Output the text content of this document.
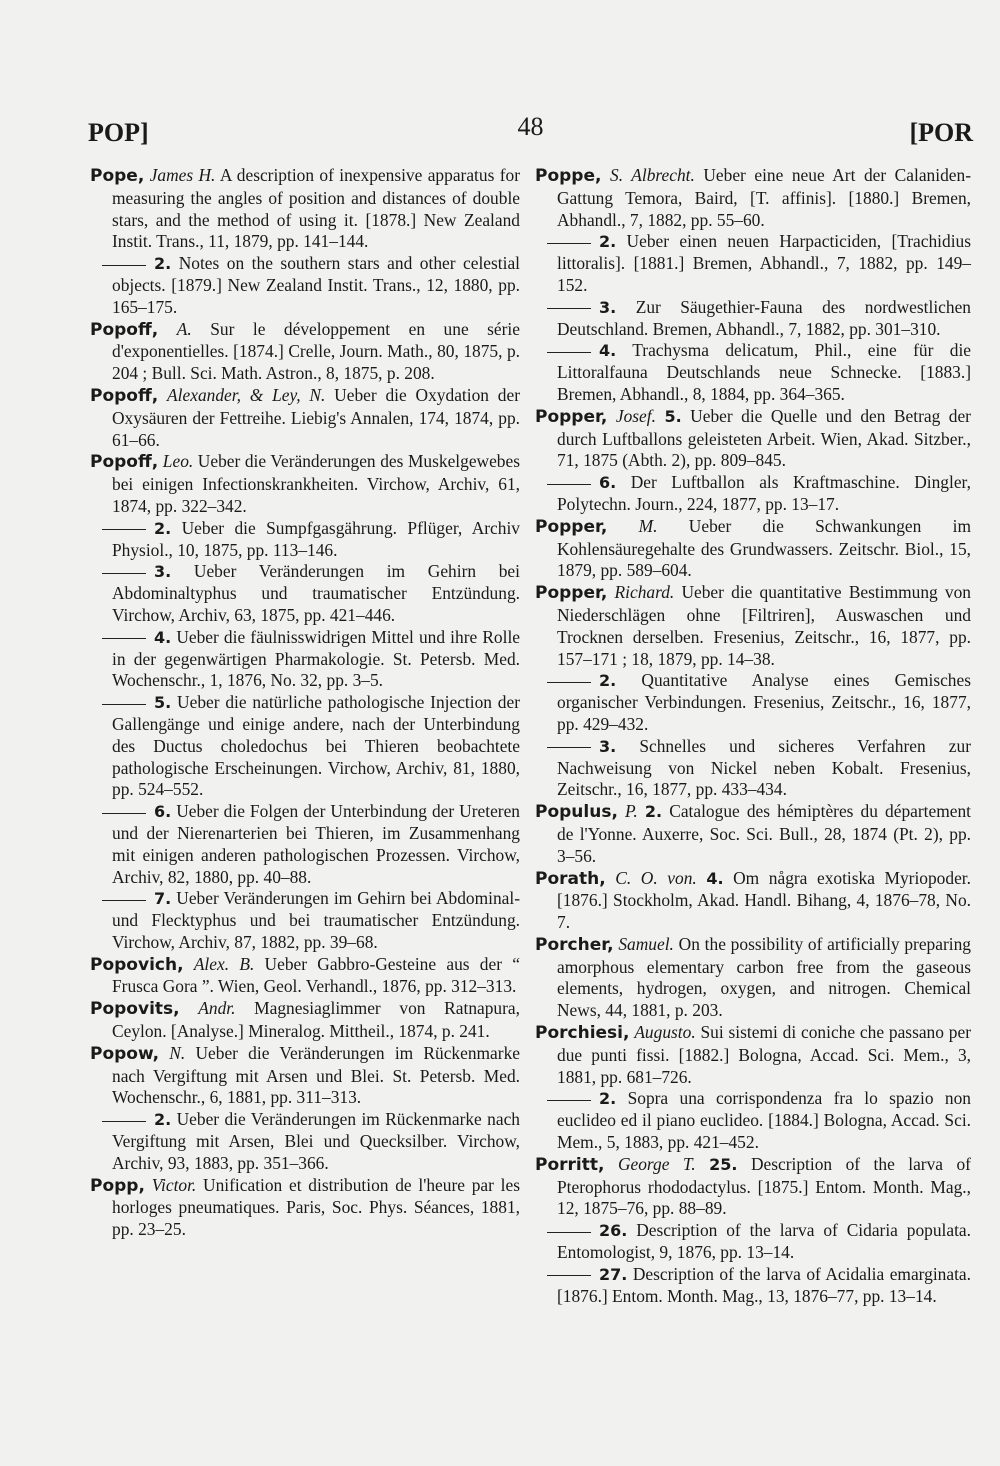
POP]	48	[POR

Pope, James H. A description of inexpensive apparatus for measuring the angles of position and distances of double stars, and the method of using it. [1878.] New Zealand Instit. Trans., 11, 1879, pp. 141–144.

2. Notes on the southern stars and other celestial objects. [1879.] New Zealand Instit. Trans., 12, 1880, pp. 165–175.

Popoff, A. Sur le développement en une série d'exponentielles. [1874.] Crelle, Journ. Math., 80, 1875, p. 204 ; Bull. Sci. Math. Astron., 8, 1875, p. 208.

Popoff, Alexander, & Ley, N. Ueber die Oxydation der Oxysäuren der Fettreihe. Liebig's Annalen, 174, 1874, pp. 61–66.

Popoff, Leo. Ueber die Veränderungen des Muskelgewebes bei einigen Infectionskrankheiten. Virchow, Archiv, 61, 1874, pp. 322–342.

2. Ueber die Sumpfgasgährung. Pflüger, Archiv Physiol., 10, 1875, pp. 113–146.

3. Ueber Veränderungen im Gehirn bei Abdominaltyphus und traumatischer Entzündung. Virchow, Archiv, 63, 1875, pp. 421–446.

4. Ueber die fäulnisswidrigen Mittel und ihre Rolle in der gegenwärtigen Pharmakologie. St. Petersb. Med. Wochenschr., 1, 1876, No. 32, pp. 3–5.

5. Ueber die natürliche pathologische Injection der Gallengänge und einige andere, nach der Unterbindung des Ductus choledochus bei Thieren beobachtete pathologische Erscheinungen. Virchow, Archiv, 81, 1880, pp. 524–552.

6. Ueber die Folgen der Unterbindung der Ureteren und der Nierenarterien bei Thieren, im Zusammenhang mit einigen anderen pathologischen Prozessen. Virchow, Archiv, 82, 1880, pp. 40–88.

7. Ueber Veränderungen im Gehirn bei Abdominal- und Flecktyphus und bei traumatischer Entzündung. Virchow, Archiv, 87, 1882, pp. 39–68.

Popovich, Alex. B. Ueber Gabbro-Gesteine aus der “ Frusca Gora ”. Wien, Geol. Verhandl., 1876, pp. 312–313.

Popovits, Andr. Magnesiaglimmer von Ratnapura, Ceylon. [Analyse.] Mineralog. Mittheil., 1874, p. 241.

Popow, N. Ueber die Veränderungen im Rückenmarke nach Vergiftung mit Arsen und Blei. St. Petersb. Med. Wochenschr., 6, 1881, pp. 311–313.

2. Ueber die Veränderungen im Rückenmarke nach Vergiftung mit Arsen, Blei und Quecksilber. Virchow, Archiv, 93, 1883, pp. 351–366.

Popp, Victor. Unification et distribution de l'heure par les horloges pneumatiques. Paris, Soc. Phys. Séances, 1881, pp. 23–25.

Poppe, S. Albrecht. Ueber eine neue Art der Calaniden-Gattung Temora, Baird, [T. affinis]. [1880.] Bremen, Abhandl., 7, 1882, pp. 55–60.

2. Ueber einen neuen Harpacticiden, [Trachidius littoralis]. [1881.] Bremen, Abhandl., 7, 1882, pp. 149–152.

3. Zur Säugethier-Fauna des nordwestlichen Deutschland. Bremen, Abhandl., 7, 1882, pp. 301–310.

4. Trachysma delicatum, Phil., eine für die Littoralfauna Deutschlands neue Schnecke. [1883.] Bremen, Abhandl., 8, 1884, pp. 364–365.

Popper, Josef. 5. Ueber die Quelle und den Betrag der durch Luftballons geleisteten Arbeit. Wien, Akad. Sitzber., 71, 1875 (Abth. 2), pp. 809–845.

6. Der Luftballon als Kraftmaschine. Dingler, Polytechn. Journ., 224, 1877, pp. 13–17.

Popper, M. Ueber die Schwankungen im Kohlensäuregehalte des Grundwassers. Zeitschr. Biol., 15, 1879, pp. 589–604.

Popper, Richard. Ueber die quantitative Bestimmung von Niederschlägen ohne [Filtriren], Auswaschen und Trocknen derselben. Fresenius, Zeitschr., 16, 1877, pp. 157–171 ; 18, 1879, pp. 14–38.

2. Quantitative Analyse eines Gemisches organischer Verbindungen. Fresenius, Zeitschr., 16, 1877, pp. 429–432.

3. Schnelles und sicheres Verfahren zur Nachweisung von Nickel neben Kobalt. Fresenius, Zeitschr., 16, 1877, pp. 433–434.

Populus, P. 2. Catalogue des hémiptères du département de l'Yonne. Auxerre, Soc. Sci. Bull., 28, 1874 (Pt. 2), pp. 3–56.

Porath, C. O. von. 4. Om några exotiska Myriopoder. [1876.] Stockholm, Akad. Handl. Bihang, 4, 1876–78, No. 7.

Porcher, Samuel. On the possibility of artificially preparing amorphous elementary carbon free from the gaseous elements, hydrogen, oxygen, and nitrogen. Chemical News, 44, 1881, p. 203.

Porchiesi, Augusto. Sui sistemi di coniche che passano per due punti fissi. [1882.] Bologna, Accad. Sci. Mem., 3, 1881, pp. 681–726.

2. Sopra una corrispondenza fra lo spazio non euclideo ed il piano euclideo. [1884.] Bologna, Accad. Sci. Mem., 5, 1883, pp. 421–452.

Porritt, George T. 25. Description of the larva of Pterophorus rhododactylus. [1875.] Entom. Month. Mag., 12, 1875–76, pp. 88–89.

26. Description of the larva of Cidaria populata. Entomologist, 9, 1876, pp. 13–14.

27. Description of the larva of Acidalia emarginata. [1876.] Entom. Month. Mag., 13, 1876–77, pp. 13–14.
